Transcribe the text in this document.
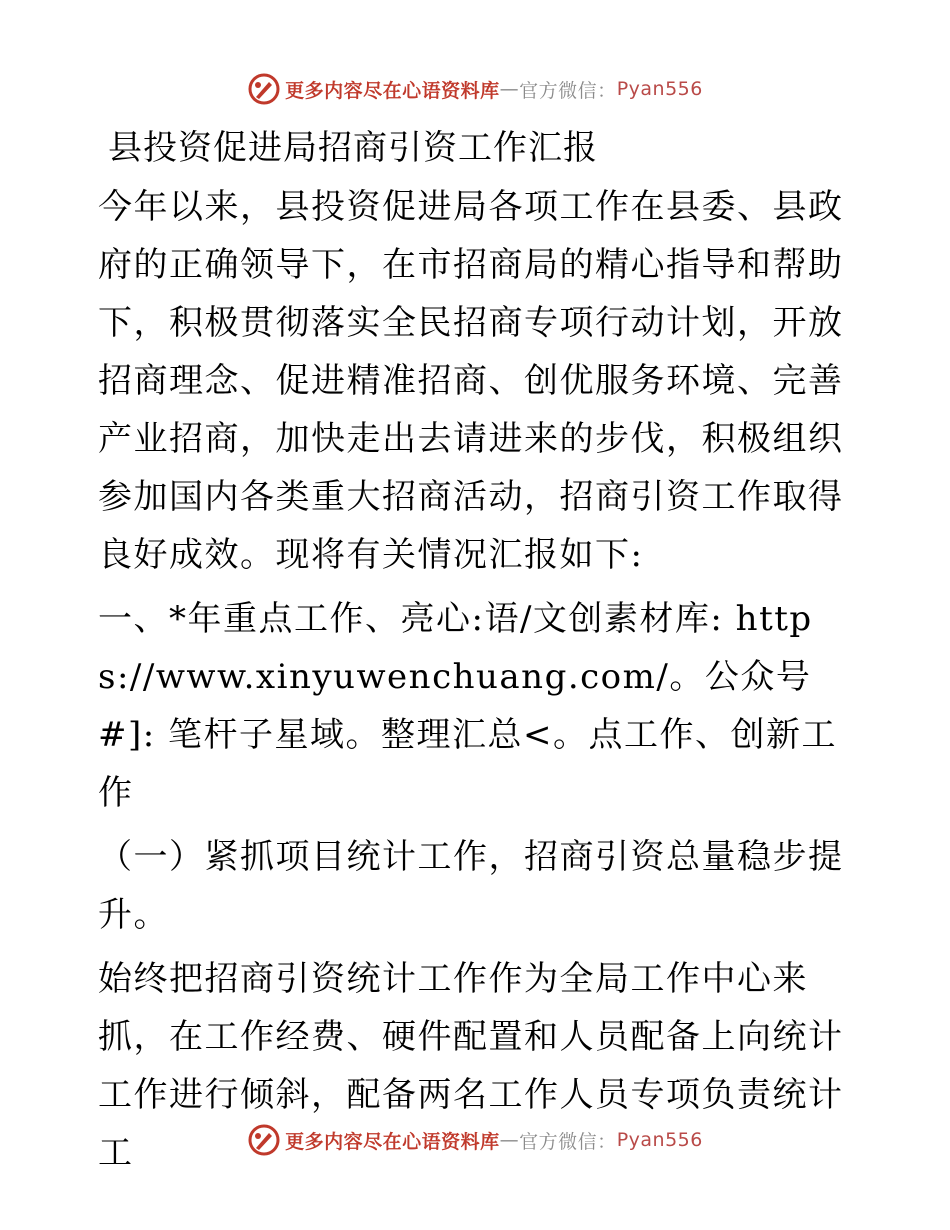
更多内容尽在心语资料库 — 官方微信： Pyan556
县投资促进局招商引资工作汇报

今年以来，县投资促进局各项工作在县委、县政府的正确领导下，在市招商局的精心指导和帮助下，积极贯彻落实全民招商专项行动计划，开放招商理念、促进精准招商、创优服务环境、完善产业招商，加快走出去请进来的步伐，积极组织参加国内各类重大招商活动，招商引资工作取得良好成效。现将有关情况汇报如下:

一、*年重点工作、亮心:语/文创素材库: https://www.xinyuwenchuang.com/。公众号#]: 笔杆子星域。整理汇总<。点工作、创新工作

（一）紧抓项目统计工作，招商引资总量稳步提升。

始终把招商引资统计工作作为全局工作中心来抓，在工作经费、硬件配置和人员配备上向统计工作进行倾斜，配备两名工作人员专项负责统计工	更多内容尽在心语资料库 — 官方微信： Pyan556
